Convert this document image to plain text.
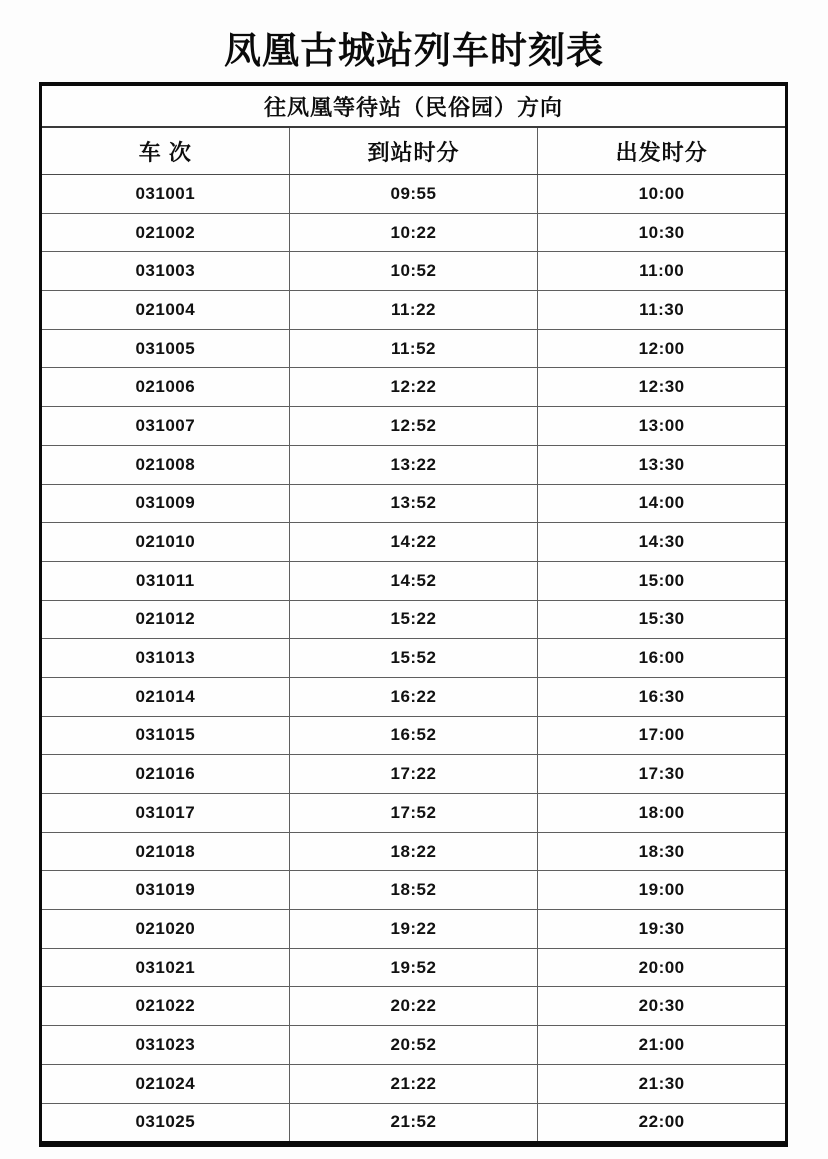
凤凰古城站列车时刻表
往凤凰等待站（民俗园）方向		
车 次	到站时分	出发时分
031001	09:55	10:00
021002	10:22	10:30
031003	10:52	11:00
021004	11:22	11:30
031005	11:52	12:00
021006	12:22	12:30
031007	12:52	13:00
021008	13:22	13:30
031009	13:52	14:00
021010	14:22	14:30
031011	14:52	15:00
021012	15:22	15:30
031013	15:52	16:00
021014	16:22	16:30
031015	16:52	17:00
021016	17:22	17:30
031017	17:52	18:00
021018	18:22	18:30
031019	18:52	19:00
021020	19:22	19:30
031021	19:52	20:00
021022	20:22	20:30
031023	20:52	21:00
021024	21:22	21:30
031025	21:52	22:00
